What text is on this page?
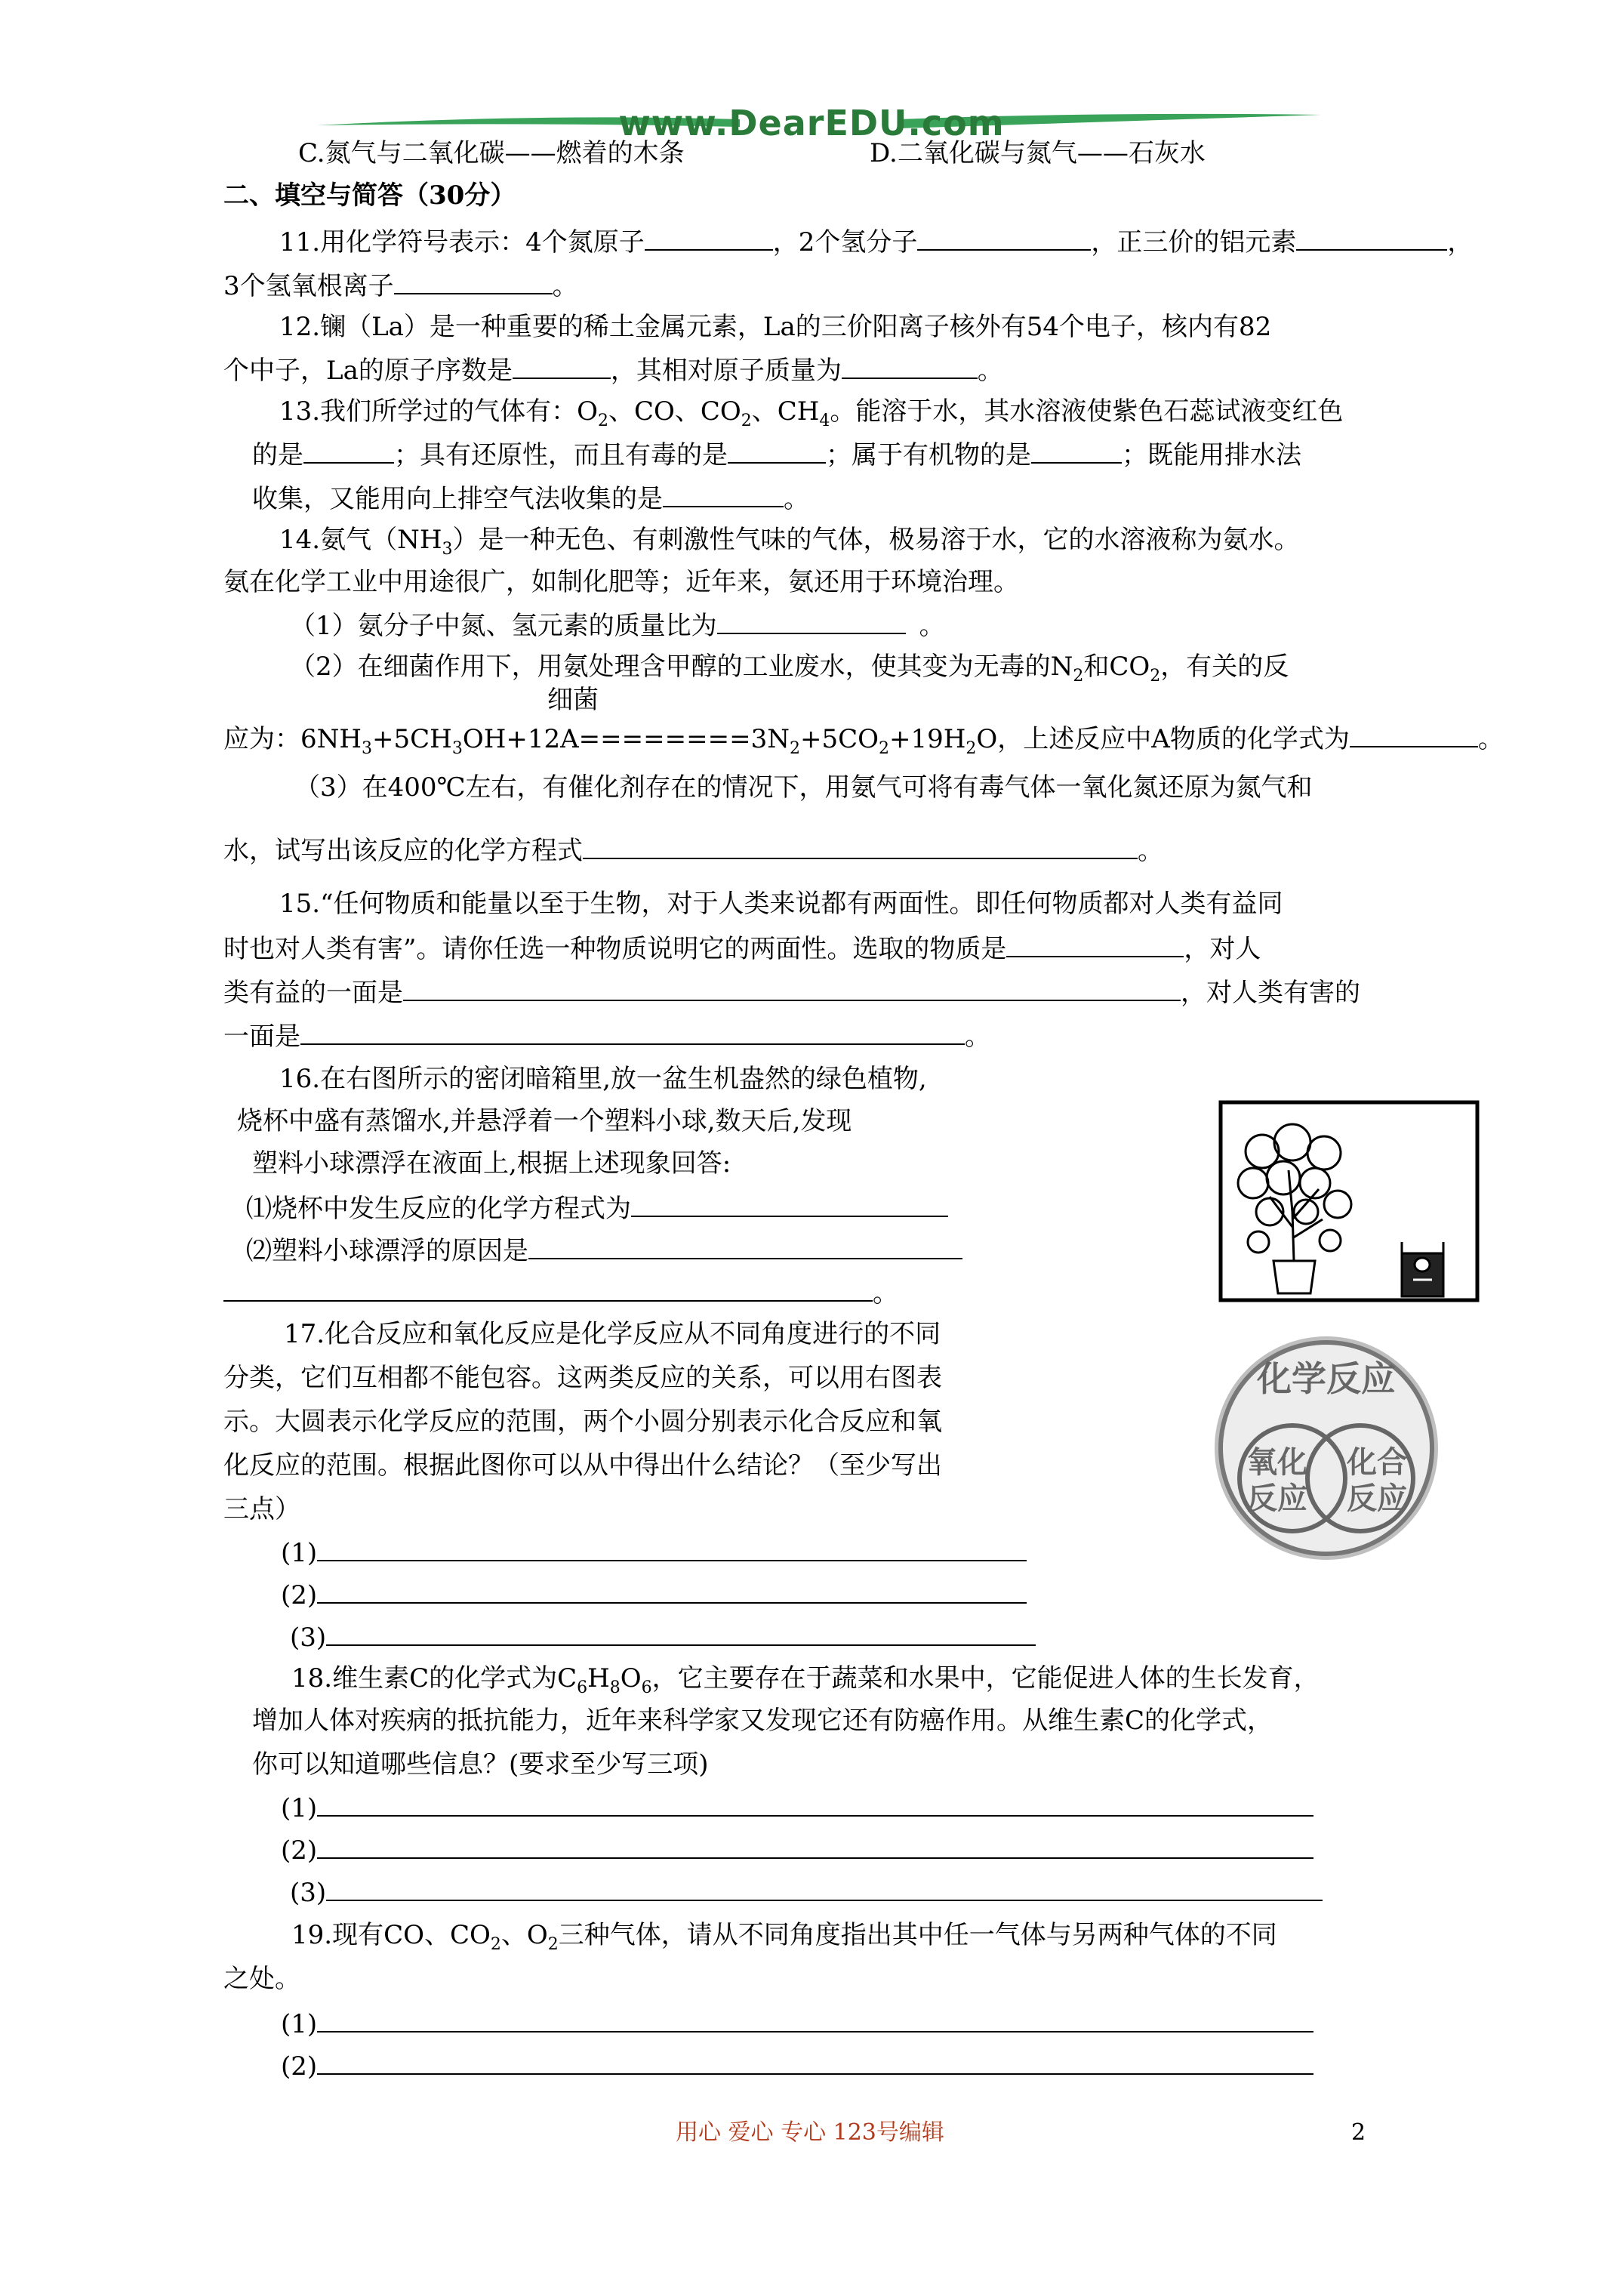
www.DearEDU.com
C.氮气与二氧化碳——燃着的木条	D.二氧化碳与氮气——石灰水
二、填空与简答（30分）
11.用化学符号表示：4个氮原子	，2个氢分子	，正三价的铝元素	，
3个氢氧根离子	。
12.镧（La）是一种重要的稀土金属元素，La的三价阳离子核外有54个电子，核内有82
个中子，La的原子序数是	，其相对原子质量为	。
13.我们所学过的气体有：$O_2$、CO、$CO_2$、$CH_4$。能溶于水，其水溶液使紫色石蕊试液变红色
的是	；具有还原性，而且有毒的是	；属于有机物的是	；既能用排水法
收集，又能用向上排空气法收集的是	。
14.氨气$(NH_3)$是一种无色、有刺激性气味的气体，极易溶于水，它的水溶液称为氨水。
氨在化学工业中用途很广，如制化肥等；近年来，氨还用于环境治理。
（1）氨分子中氮、氢元素的质量比为	。
（2）在细菌作用下，用氨处理含甲醇的工业废水，使其变为无毒的$N_2$和$CO_2$，有关的反
细菌
应为：$6NH_3+5CH_3OH+12A========3N_2+5CO_2+19H_2O$，上述反应中A物质的化学式为	。
（3）在400℃左右，有催化剂存在的情况下，用氨气可将有毒气体一氧化氮还原为氮气和
水，试写出该反应的化学方程式	。
15.“任何物质和能量以至于生物，对于人类来说都有两面性。即任何物质都对人类有益同
时也对人类有害”。请你任选一种物质说明它的两面性。选取的物质是	，对人
类有益的一面是	，对人类有害的
一面是	。
16.在右图所示的密闭暗箱里,放一盆生机盎然的绿色植物,
烧杯中盛有蒸馏水,并悬浮着一个塑料小球,数天后,发现
塑料小球漂浮在液面上,根据上述现象回答:
⑴烧杯中发生反应的化学方程式为
⑵塑料小球漂浮的原因是
。
17.化合反应和氧化反应是化学反应从不同角度进行的不同
分类，它们互相都不能包容。这两类反应的关系，可以用右图表
示。大圆表示化学反应的范围，两个小圆分别表示化合反应和氧
化反应的范围。根据此图你可以从中得出什么结论？（至少写出
三点）
(1)
(2)
(3)
化学反应
氧化
反应
化合
反应
18.维生素C的化学式为$C_6H_8O_6$，它主要存在于蔬菜和水果中，它能促进人体的生长发育，
增加人体对疾病的抵抗能力，近年来科学家又发现它还有防癌作用。从维生素C的化学式，
你可以知道哪些信息？(要求至少写三项)
(1)
(2)
(3)
19.现有CO、$CO_2$、$O_2$三种气体，请从不同角度指出其中任一气体与另两种气体的不同
之处。
(1)
(2)
用心 爱心 专心 123号编辑	2
